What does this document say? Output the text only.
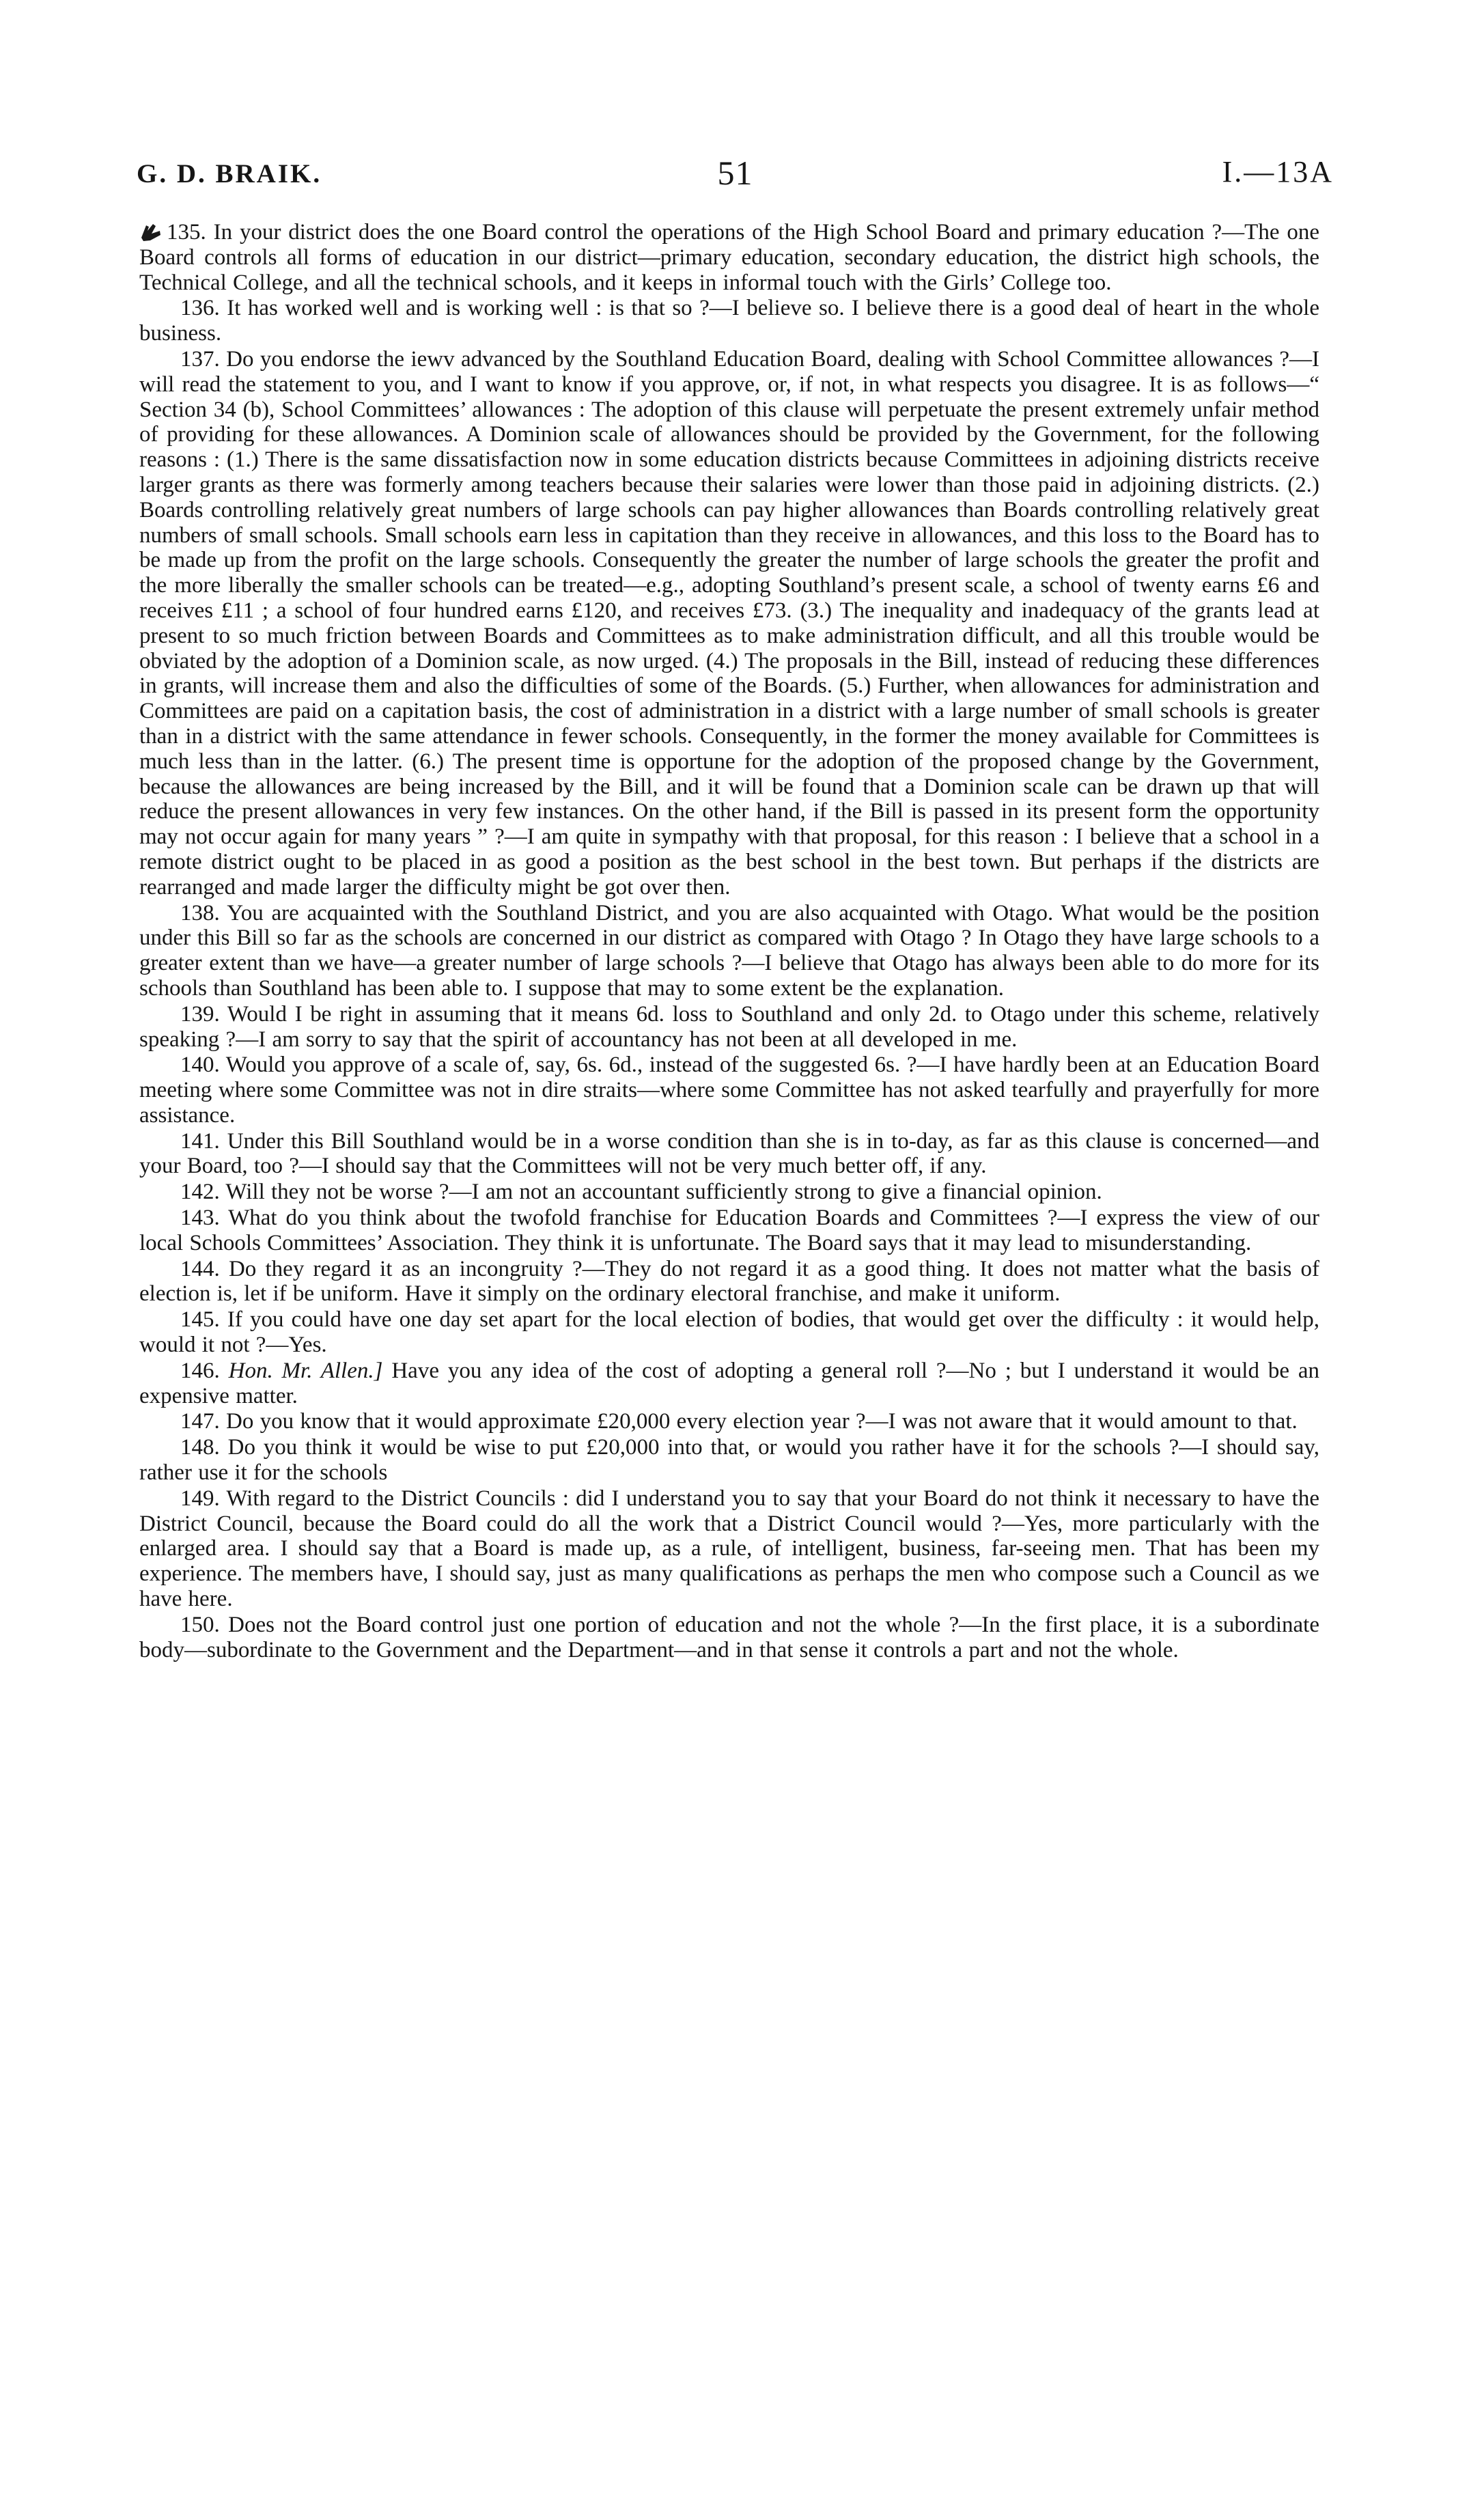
G. D. BRAIK.	51	I.—13A

135. In your district does the one Board control the operations of the High School Board and primary education ?—The one Board controls all forms of education in our district—primary education, secondary education, the district high schools, the Technical College, and all the technical schools, and it keeps in informal touch with the Girls’ College too.

136. It has worked well and is working well : is that so ?—I believe so. I believe there is a good deal of heart in the whole business.

137. Do you endorse the iewv advanced by the Southland Education Board, dealing with School Committee allowances ?—I will read the statement to you, and I want to know if you approve, or, if not, in what respects you disagree. It is as follows—“ Section 34 (b), School Committees’ allowances : The adoption of this clause will perpetuate the present extremely unfair method of providing for these allowances. A Dominion scale of allowances should be provided by the Government, for the following reasons : (1.) There is the same dissatisfaction now in some education districts because Committees in adjoining districts receive larger grants as there was formerly among teachers because their salaries were lower than those paid in adjoining districts. (2.) Boards controlling relatively great numbers of large schools can pay higher allowances than Boards controlling relatively great numbers of small schools. Small schools earn less in capitation than they receive in allowances, and this loss to the Board has to be made up from the profit on the large schools. Consequently the greater the number of large schools the greater the profit and the more liberally the smaller schools can be treated—e.g., adopting Southland’s present scale, a school of twenty earns £6 and receives £11 ; a school of four hundred earns £120, and receives £73. (3.) The inequality and inadequacy of the grants lead at present to so much friction between Boards and Committees as to make administration difficult, and all this trouble would be obviated by the adoption of a Dominion scale, as now urged. (4.) The proposals in the Bill, instead of reducing these differences in grants, will increase them and also the difficulties of some of the Boards. (5.) Further, when allowances for administration and Committees are paid on a capitation basis, the cost of administration in a district with a large number of small schools is greater than in a district with the same attendance in fewer schools. Consequently, in the former the money available for Committees is much less than in the latter. (6.) The present time is opportune for the adoption of the proposed change by the Government, because the allowances are being increased by the Bill, and it will be found that a Dominion scale can be drawn up that will reduce the present allowances in very few instances. On the other hand, if the Bill is passed in its present form the opportunity may not occur again for many years ” ?—I am quite in sympathy with that proposal, for this reason : I believe that a school in a remote district ought to be placed in as good a position as the best school in the best town. But perhaps if the districts are rearranged and made larger the difficulty might be got over then.

138. You are acquainted with the Southland District, and you are also acquainted with Otago. What would be the position under this Bill so far as the schools are concerned in our district as compared with Otago ? In Otago they have large schools to a greater extent than we have—a greater number of large schools ?—I believe that Otago has always been able to do more for its schools than Southland has been able to. I suppose that may to some extent be the explanation.

139. Would I be right in assuming that it means 6d. loss to Southland and only 2d. to Otago under this scheme, relatively speaking ?—I am sorry to say that the spirit of accountancy has not been at all developed in me.

140. Would you approve of a scale of, say, 6s. 6d., instead of the suggested 6s. ?—I have hardly been at an Education Board meeting where some Committee was not in dire straits—where some Committee has not asked tearfully and prayerfully for more assistance.

141. Under this Bill Southland would be in a worse condition than she is in to-day, as far as this clause is concerned—and your Board, too ?—I should say that the Committees will not be very much better off, if any.

142. Will they not be worse ?—I am not an accountant sufficiently strong to give a financial opinion.

143. What do you think about the twofold franchise for Education Boards and Committees ?—I express the view of our local Schools Committees’ Association. They think it is unfortunate. The Board says that it may lead to misunderstanding.

144. Do they regard it as an incongruity ?—They do not regard it as a good thing. It does not matter what the basis of election is, let if be uniform. Have it simply on the ordinary electoral franchise, and make it uniform.

145. If you could have one day set apart for the local election of bodies, that would get over the difficulty : it would help, would it not ?—Yes.

146. Hon. Mr. Allen.] Have you any idea of the cost of adopting a general roll ?—No ; but I understand it would be an expensive matter.

147. Do you know that it would approximate £20,000 every election year ?—I was not aware that it would amount to that.

148. Do you think it would be wise to put £20,000 into that, or would you rather have it for the schools ?—I should say, rather use it for the schools

149. With regard to the District Councils : did I understand you to say that your Board do not think it necessary to have the District Council, because the Board could do all the work that a District Council would ?—Yes, more particularly with the enlarged area. I should say that a Board is made up, as a rule, of intelligent, business, far-seeing men. That has been my experience. The members have, I should say, just as many qualifications as perhaps the men who compose such a Council as we have here.

150. Does not the Board control just one portion of education and not the whole ?—In the first place, it is a subordinate body—subordinate to the Government and the Department—and in that sense it controls a part and not the whole.
